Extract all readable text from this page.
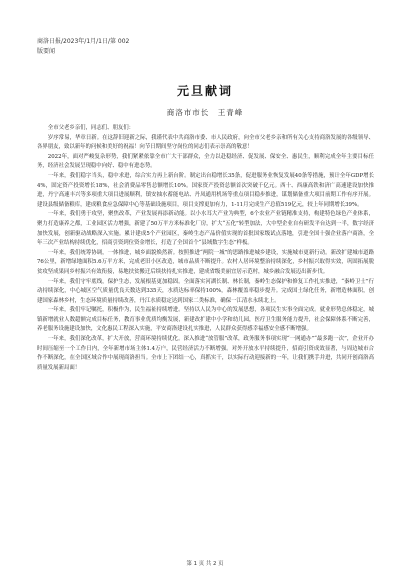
商洛日报/2023年/1月/1日/第 002
版要闻
元旦献词
商洛市市长　王青峰

全市父老乡亲们，同志们、朋友们：

岁序常易，华章日新。在这辞旧迎新之际，我谨代表中共商洛市委、市人民政府，向全市父老乡亲和所有关心支持商洛发展的各级领导、各界朋友，致以新年的问候和美好的祝福！向节日期间坚守岗位的同志们表示崇高的敬意！

2022年，面对严峻复杂形势，我们紧紧依靠全市广大干部群众，全力以赴稳经济、促发展、保安全、惠民生，顺利完成全年主要目标任务，经济社会发展呈现稳中向好、稳中有进态势。

一年来，我们稳字当头，稳中求进，综合实力再上新台阶。制定出台稳增长35条，促进服务业恢复发展40条等措施，预计全年GDP增长4%，固定资产投资增长18%，社会消费品零售总额增长10%。国家资产投资总额首次突破千亿元。西十、西康高铁和济广高速建设加快推进，丹宁高速丰兴等多项重大项目进展顺利，镇安抽水蓄能电站、丹凤通用机场等重点项目稳步推进，谋划储备重大项目前期工作有序开展。建设县级储备粮库，建成粮食应急保障中心等基础设施项目，项目支撑更加有力，1-11月完成生产总值519亿元，较上年同期增长39%。

一年来，我们勇于攻坚，聚焦改革，产业发展再添新动能。以小水耳大产业为典型，6个农业产业链精准支持，构建特色绿色产业体系，聚力打造康养之都，工业园区活力增强，新建了50万平方米标准化厂房，扩大“五化”转型加法，大中型企业自有研发平台达到一半，数字经济加快发展，创新驱动战略深入实施。累计建成5个产业园区，秦岭生态产品价值实现的首批国家级试点落地，引进全国十强企业落户商洛，全年三次产业结构持续优化，招商引资到位资金增长，打造了全国首个“县域数字生态”样板。

一年来，我们统筹协调，一体推进，城乡面貌焕然新。按照推进“两院一城”的思路推进城乡建设，实施城市更新行动。新改扩建城市道路76公里，新增绿地面积5.6万平方米，完成老旧小区改造，城市品质不断提升。农村人居环境整治持续深化，乡村振兴取得实效，巩固拓展脱贫攻坚成果同乡村振兴有效衔接，易地扶贫搬迁后续扶持扎实推进，建成省级美丽宜居示范村，城乡融合发展迈出新步伐。

一年来，我们守牢底线，保护生态，发展根基更加稳固。全面落实河湖长制、林长制，秦岭生态保护和修复工作扎实推进，“秦岭卫士”行动持续深化，中心城区空气质量优良天数达到335天，水质达标率保持100%，森林覆盖率稳步提升。完成国土绿化任务，新增造林面积，创建国家森林乡村，生态环境质量持续改善，丹江水质稳定达到国家二类标准，确保一江清水永续北上。

一年来，我们牢记嘱托，积极作为，民生福祉持续增进。坚持以人民为中心的发展思想，各项民生实事全面完成。就业形势总体稳定，城镇新增就业人数超额完成目标任务，教育事业优质均衡发展，新建改扩建中小学和幼儿园，医疗卫生服务能力提升，社会保障体系不断完善，养老服务设施建设加快，文化惠民工程深入实施，平安商洛建设扎实推进，人民群众获得感幸福感安全感不断增强。

一年来，我们深化改革，扩大开放，营商环境持续优化。深入推进“放管服”改革，政务服务事项实现“一网通办”“最多跑一次”，企业开办时间压缩至一个工作日内，全年新增市场主体1.4万户，民营经济活力不断增强。对外开放水平持续提升，招商引资成效显著，与周边城市合作不断深化，在全国区域合作中展现商洛担当。全市上下团结一心，真抓实干，以实际行动迎接新的一年，让我们携手并进，共同开创商洛高质量发展新局面！

第 1 页 共 2 页
